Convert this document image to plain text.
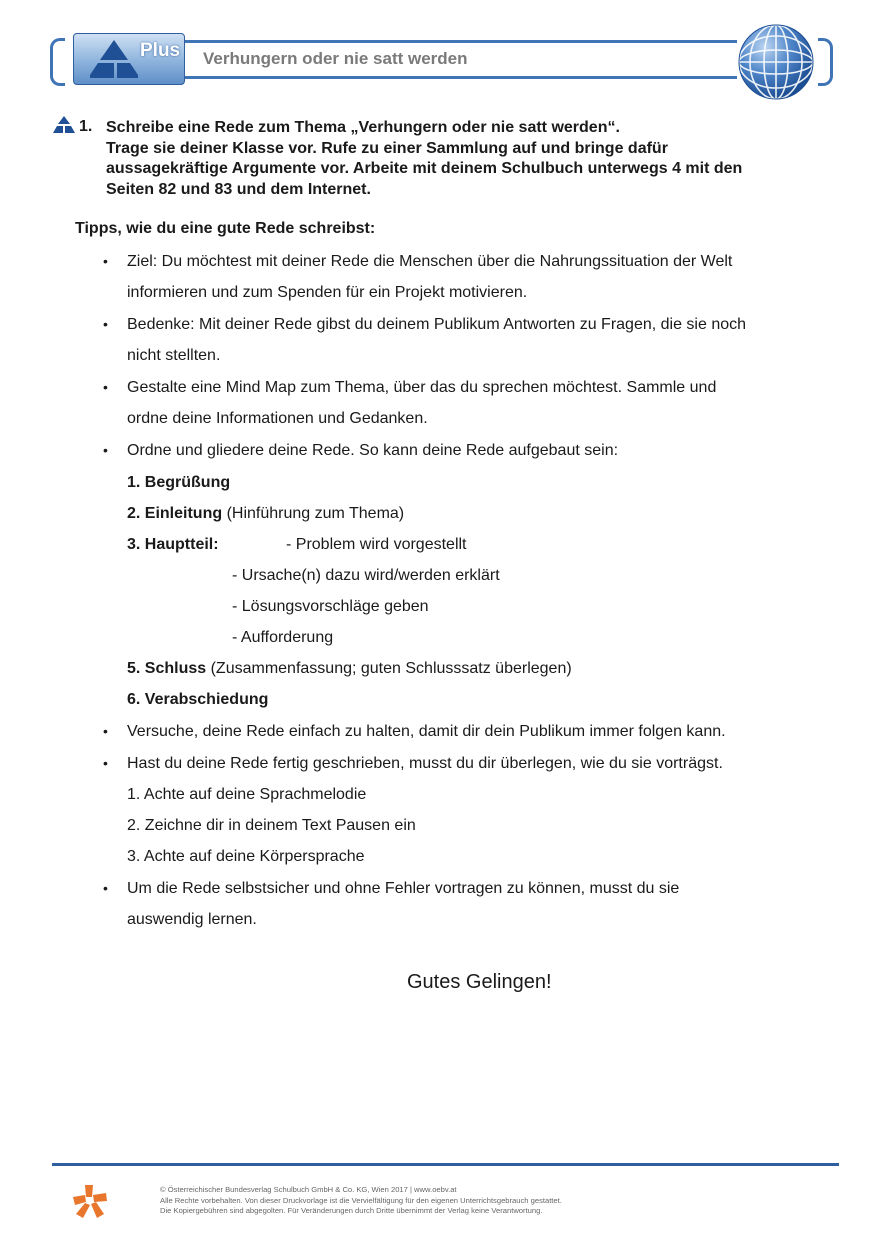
Plus Verhungern oder nie satt werden
1. Schreibe eine Rede zum Thema „Verhungern oder nie satt werden“.
Trage sie deiner Klasse vor. Rufe zu einer Sammlung auf und bringe dafür
aussagekräftige Argumente vor. Arbeite mit deinem Schulbuch unterwegs 4 mit den
Seiten 82 und 83 und dem Internet.
Tipps, wie du eine gute Rede schreibst:
• Ziel: Du möchtest mit deiner Rede die Menschen über die Nahrungssituation der Welt
informieren und zum Spenden für ein Projekt motivieren.
• Bedenke: Mit deiner Rede gibst du deinem Publikum Antworten zu Fragen, die sie noch
nicht stellten.
• Gestalte eine Mind Map zum Thema, über das du sprechen möchtest. Sammle und
ordne deine Informationen und Gedanken.
• Ordne und gliedere deine Rede. So kann deine Rede aufgebaut sein:
1. Begrüßung
2. Einleitung (Hinführung zum Thema)
3. Hauptteil:	- Problem wird vorgestellt
- Ursache(n) dazu wird/werden erklärt
- Lösungsvorschläge geben
- Aufforderung
5. Schluss (Zusammenfassung; guten Schlusssatz überlegen)
6. Verabschiedung
• Versuche, deine Rede einfach zu halten, damit dir dein Publikum immer folgen kann.
• Hast du deine Rede fertig geschrieben, musst du dir überlegen, wie du sie vorträgst.
1. Achte auf deine Sprachmelodie
2. Zeichne dir in deinem Text Pausen ein
3. Achte auf deine Körpersprache
• Um die Rede selbstsicher und ohne Fehler vortragen zu können, musst du sie
auswendig lernen.
Gutes Gelingen!
© Österreichischer Bundesverlag Schulbuch GmbH & Co. KG, Wien 2017 | www.oebv.at
Alle Rechte vorbehalten. Von dieser Druckvorlage ist die Vervielfältigung für den eigenen Unterrichtsgebrauch gestattet.
Die Kopiergebühren sind abgegolten. Für Veränderungen durch Dritte übernimmt der Verlag keine Verantwortung.
